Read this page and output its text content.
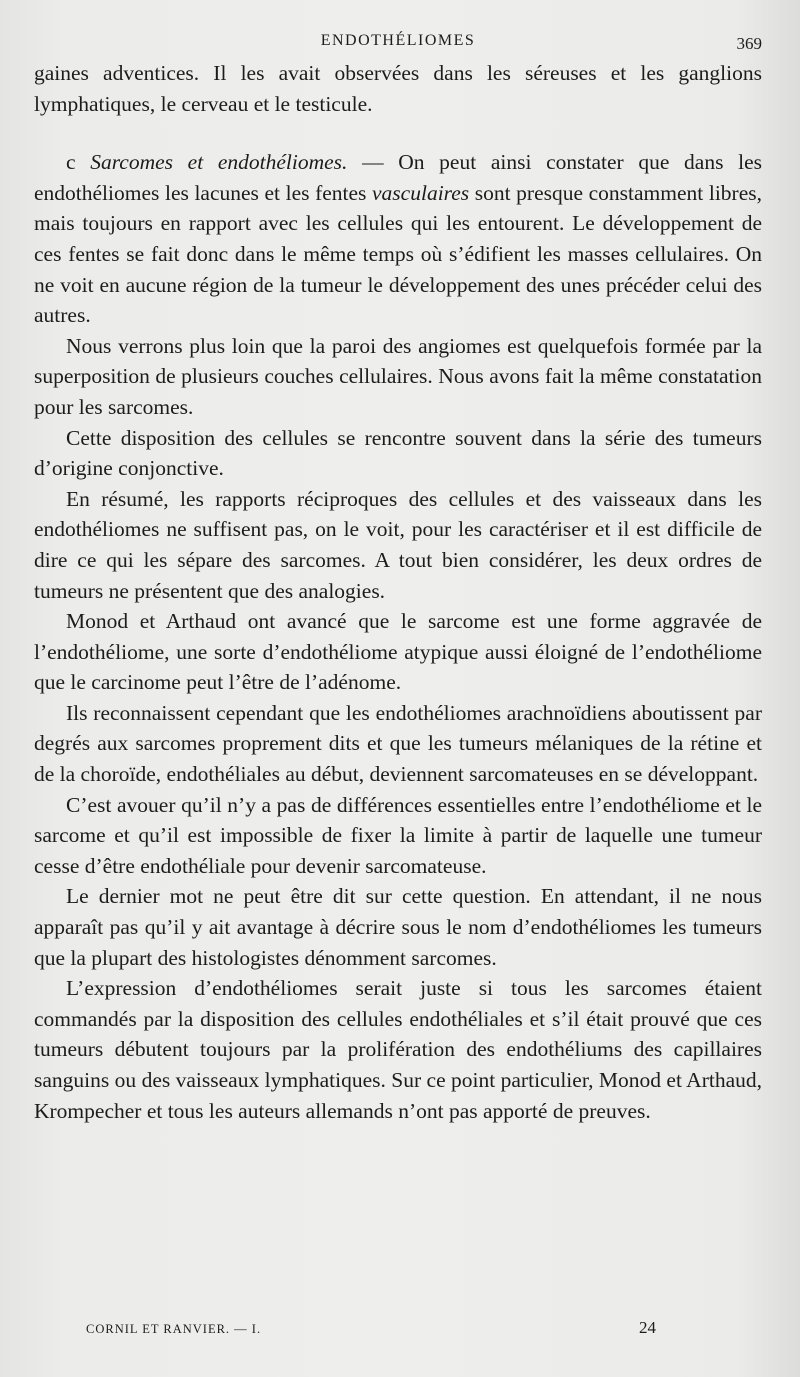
ENDOTHÉLIOMES	369

gaines adventices. Il les avait observées dans les séreuses et les ganglions lymphatiques, le cerveau et le testicule.

c Sarcomes et endothéliomes. — On peut ainsi constater que dans les endothéliomes les lacunes et les fentes vasculaires sont presque constamment libres, mais toujours en rapport avec les cellules qui les entourent. Le développement de ces fentes se fait donc dans le même temps où s’édifient les masses cellulaires. On ne voit en aucune région de la tumeur le développement des unes précéder celui des autres.

Nous verrons plus loin que la paroi des angiomes est quelquefois formée par la superposition de plusieurs couches cellulaires. Nous avons fait la même constatation pour les sarcomes.

Cette disposition des cellules se rencontre souvent dans la série des tumeurs d’origine conjonctive.

En résumé, les rapports réciproques des cellules et des vaisseaux dans les endothéliomes ne suffisent pas, on le voit, pour les caractériser et il est difficile de dire ce qui les sépare des sarcomes. A tout bien considérer, les deux ordres de tumeurs ne présentent que des analogies.

Monod et Arthaud ont avancé que le sarcome est une forme aggravée de l’endothéliome, une sorte d’endothéliome atypique aussi éloigné de l’endothéliome que le carcinome peut l’être de l’adénome.

Ils reconnaissent cependant que les endothéliomes arachnoïdiens aboutissent par degrés aux sarcomes proprement dits et que les tumeurs mélaniques de la rétine et de la choroïde, endothéliales au début, deviennent sarcomateuses en se développant.

C’est avouer qu’il n’y a pas de différences essentielles entre l’endothéliome et le sarcome et qu’il est impossible de fixer la limite à partir de laquelle une tumeur cesse d’être endothéliale pour devenir sarcomateuse.

Le dernier mot ne peut être dit sur cette question. En attendant, il ne nous apparaît pas qu’il y ait avantage à décrire sous le nom d’endothéliomes les tumeurs que la plupart des histologistes dénomment sarcomes.

L’expression d’endothéliomes serait juste si tous les sarcomes étaient commandés par la disposition des cellules endothéliales et s’il était prouvé que ces tumeurs débutent toujours par la prolifération des endothéliums des capillaires sanguins ou des vaisseaux lymphatiques. Sur ce point particulier, Monod et Arthaud, Krompecher et tous les auteurs allemands n’ont pas apporté de preuves.

CORNIL ET RANVIER. — I.	24
